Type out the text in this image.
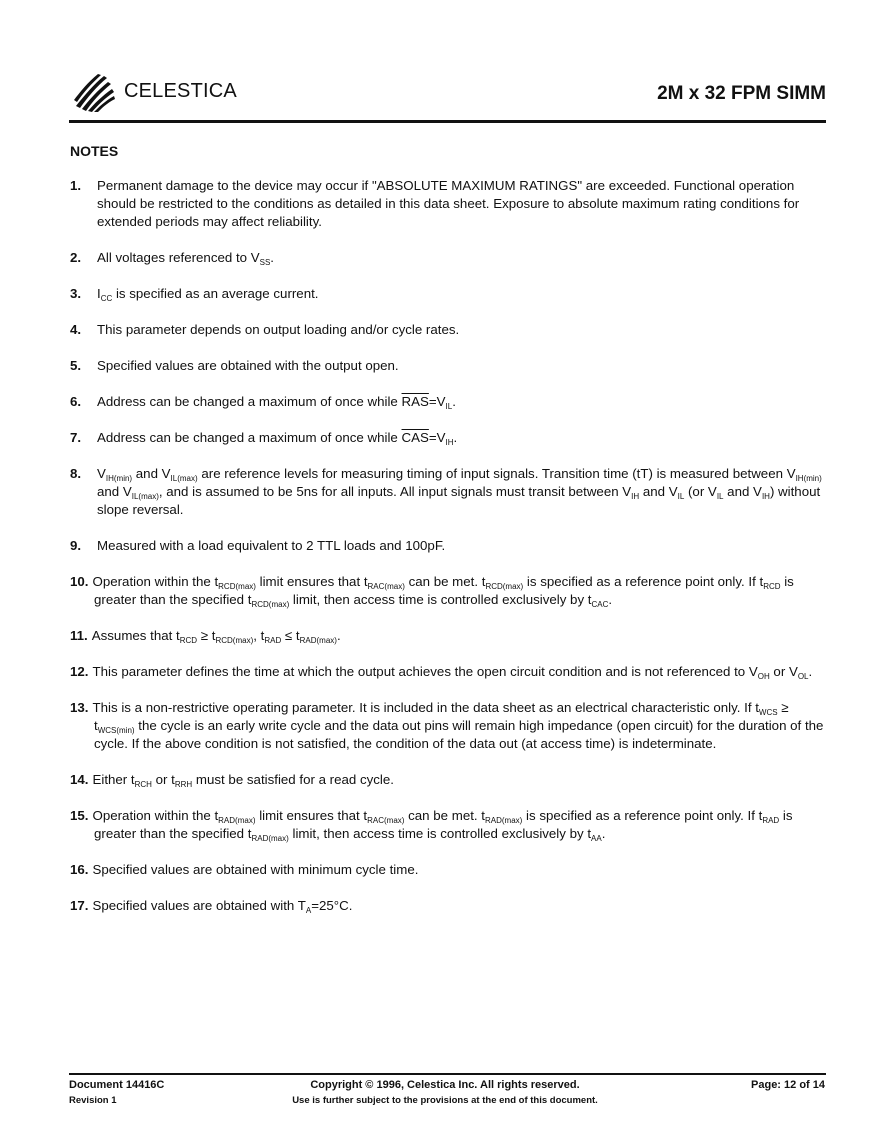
CELESTICA	2M x 32 FPM SIMM
NOTES
1.	Permanent damage to the device may occur if "ABSOLUTE MAXIMUM RATINGS" are exceeded. Functional operation should be restricted to the conditions as detailed in this data sheet. Exposure to absolute maximum rating conditions for extended periods may affect reliability.
2.	All voltages referenced to $V_{SS}$.
3.	$I_{CC}$ is specified as an average current.
4.	This parameter depends on output loading and/or cycle rates.
5.	Specified values are obtained with the output open.
6.	Address can be changed a maximum of once while $\overline{RAS}=V_{IL}$.
7.	Address can be changed a maximum of once while $\overline{CAS}=V_{IH}$.
8.	$V_{IH(min)}$ and $V_{IL(max)}$ are reference levels for measuring timing of input signals. Transition time (tT) is measured between $V_{IH(min)}$ and $V_{IL(max)}$, and is assumed to be 5ns for all inputs. All input signals must transit between $V_{IH}$ and $V_{IL}$ (or $V_{IL}$ and $V_{IH}$) without slope reversal.
9.	Measured with a load equivalent to 2 TTL loads and 100pF.
10. Operation within the $t_{RCD(max)}$ limit ensures that $t_{RAC(max)}$ can be met. $t_{RCD(max)}$ is specified as a reference point only. If $t_{RCD}$ is greater than the specified $t_{RCD(max)}$ limit, then access time is controlled exclusively by $t_{CAC}$.
11. Assumes that $t_{RCD} \ge t_{RCD(max)}$, $t_{RAD} \le t_{RAD(max)}$.
12. This parameter defines the time at which the output achieves the open circuit condition and is not referenced to $V_{OH}$ or $V_{OL}$.
13. This is a non-restrictive operating parameter. It is included in the data sheet as an electrical characteristic only. If $t_{WCS} \ge t_{WCS(min)}$ the cycle is an early write cycle and the data out pins will remain high impedance (open circuit) for the duration of the cycle. If the above condition is not satisfied, the condition of the data out (at access time) is indeterminate.
14. Either $t_{RCH}$ or $t_{RRH}$ must be satisfied for a read cycle.
15. Operation within the $t_{RAD(max)}$ limit ensures that $t_{RAC(max)}$ can be met. $t_{RAD(max)}$ is specified as a reference point only. If $t_{RAD}$ is greater than the specified $t_{RAD(max)}$ limit, then access time is controlled exclusively by $t_{AA}$.
16. Specified values are obtained with minimum cycle time.
17. Specified values are obtained with $T_A=25^\circ C$.
Document 14416C
Revision 1
Copyright © 1996, Celestica Inc. All rights reserved.
Use is further subject to the provisions at the end of this document.
Page: 12 of 14
